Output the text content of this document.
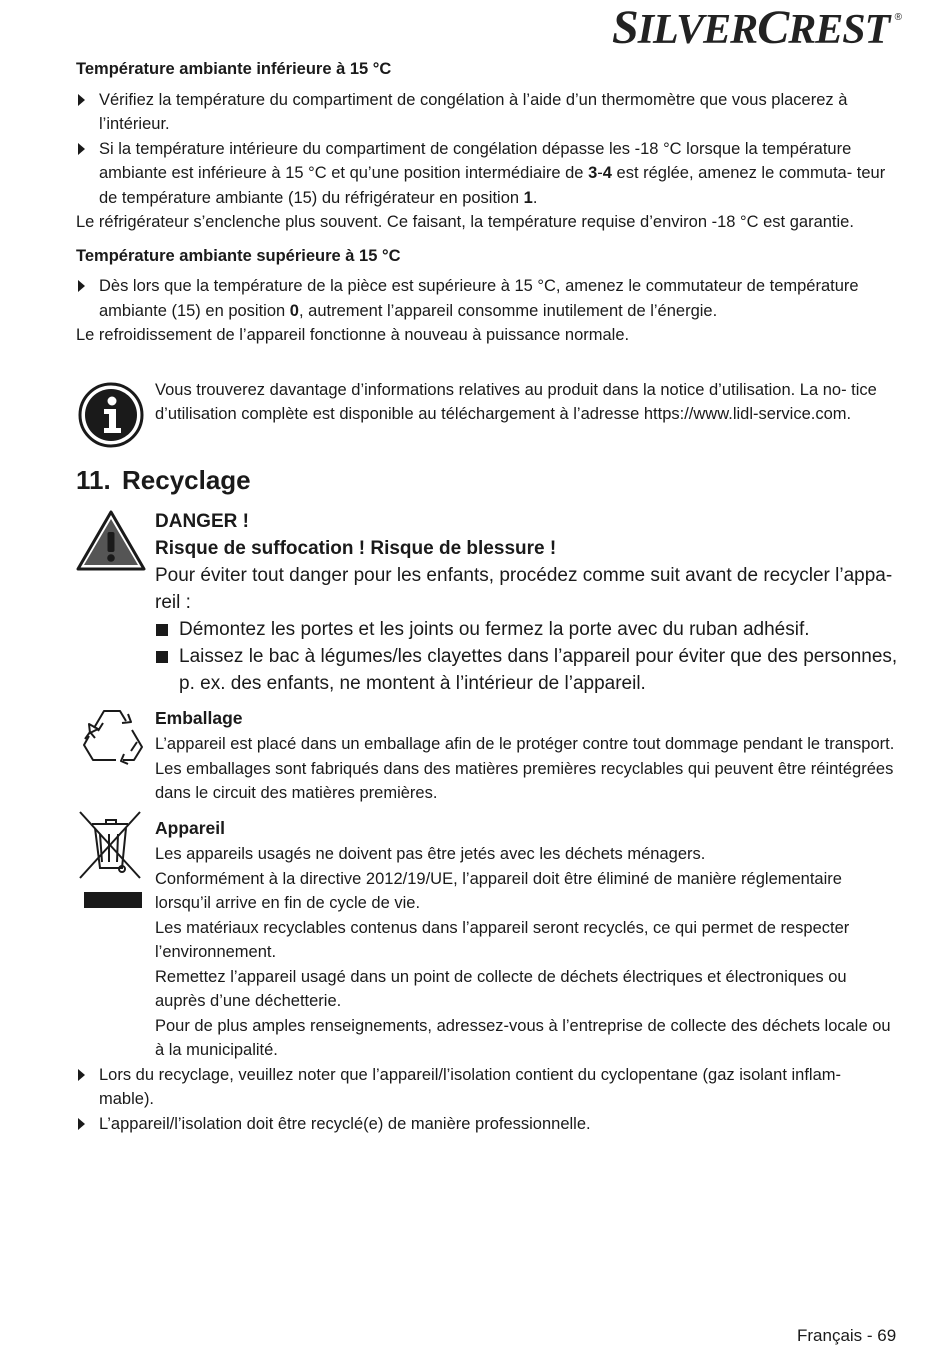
SILVERCREST ®

Température ambiante inférieure à 15 °C

Vérifiez la température du compartiment de congélation à l’aide d’un thermomètre que vous placerez à l’intérieur.

Si la température intérieure du compartiment de congélation dépasse les -18 °C lorsque la température ambiante est inférieure à 15 °C et qu’une position intermédiaire de 3-4 est réglée, amenez le commuta- teur de température ambiante (15) du réfrigérateur en position 1.

Le réfrigérateur s’enclenche plus souvent. Ce faisant, la température requise d’environ -18 °C est garantie.

Température ambiante supérieure à 15 °C

Dès lors que la température de la pièce est supérieure à 15 °C, amenez le commutateur de température ambiante (15) en position 0, autrement l’appareil consomme inutilement de l’énergie.

Le refroidissement de l’appareil fonctionne à nouveau à puissance normale.

Vous trouverez davantage d’informations relatives au produit dans la notice d’utilisation. La no- tice d’utilisation complète est disponible au téléchargement à l’adresse https://www.lidl-service.com.

11. Recyclage
DANGER !
Risque de suffocation ! Risque de blessure !
Pour éviter tout danger pour les enfants, procédez comme suit avant de recycler l’appa- reil :
Démontez les portes et les joints ou fermez la porte avec du ruban adhésif.
Laissez le bac à légumes/les clayettes dans l’appareil pour éviter que des personnes, p. ex. des enfants, ne montent à l’intérieur de l’appareil.

Emballage

L’appareil est placé dans un emballage afin de le protéger contre tout dommage pendant le transport. Les emballages sont fabriqués dans des matières premières recyclables qui peuvent être réintégrées dans le circuit des matières premières.

Appareil

Les appareils usagés ne doivent pas être jetés avec les déchets ménagers.

Conformément à la directive 2012/19/UE, l’appareil doit être éliminé de manière réglementaire lorsqu’il arrive en fin de cycle de vie.

Les matériaux recyclables contenus dans l’appareil seront recyclés, ce qui permet de respecter l’environnement.

Remettez l’appareil usagé dans un point de collecte de déchets électriques et électroniques ou auprès d’une déchetterie.

Pour de plus amples renseignements, adressez-vous à l’entreprise de collecte des déchets locale ou à la municipalité.

Lors du recyclage, veuillez noter que l’appareil/l’isolation contient du cyclopentane (gaz isolant inflam- mable).

L’appareil/l’isolation doit être recyclé(e) de manière professionnelle.

Français - 69
